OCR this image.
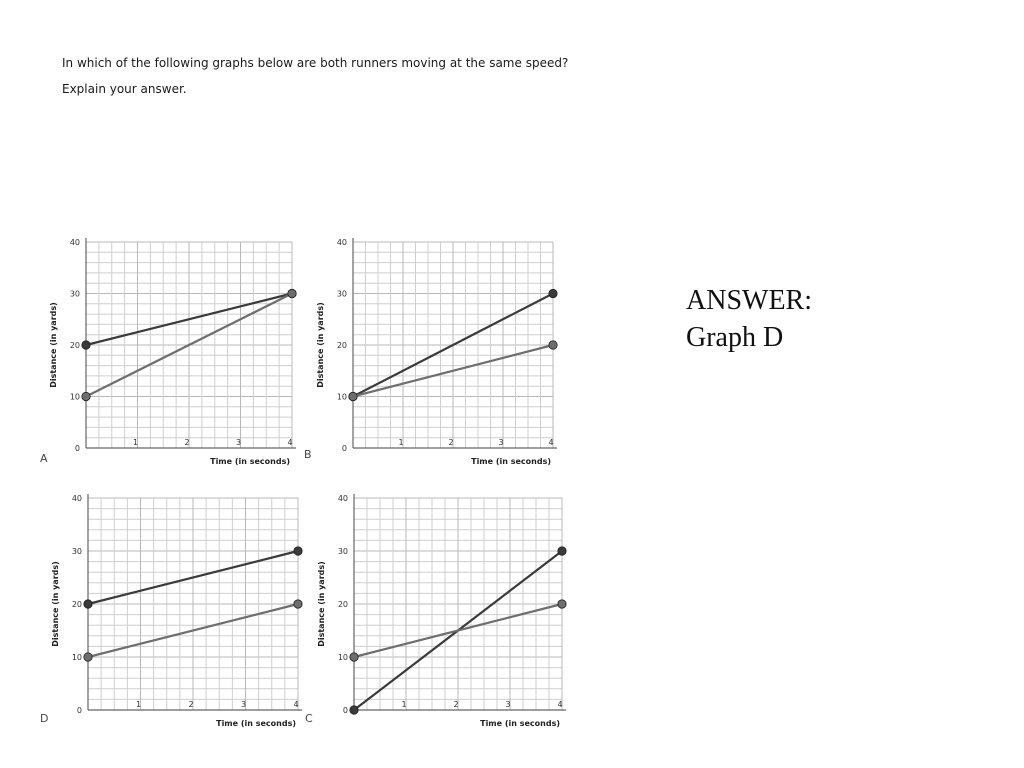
In which of the following graphs below are both runners moving at the same speed?
Explain your answer.
ANSWER:
Graph D
0
10
20
30
40
1	2	3	4
Time (in seconds)
Distance (in yards)
A
0
10
20
30
40
1	2	3	4
Time (in seconds)
Distance (in yards)
B
0
10
20
30
40
1	2	3	4
Time (in seconds)
Distance (in yards)
D
0
10
20
30
40
1	2	3	4
Time (in seconds)
Distance (in yards)
C
